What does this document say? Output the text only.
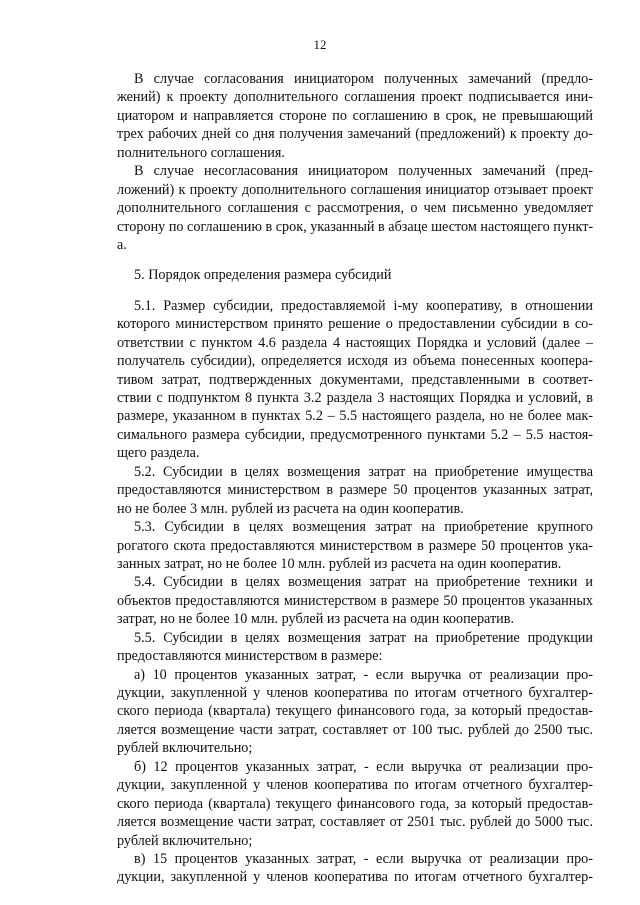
12
В случае согласования инициатором полученных замечаний (предло-
жений) к проекту дополнительного соглашения проект подписывается ини-
циатором и направляется стороне по соглашению в срок, не превышающий
трех рабочих дней со дня получения замечаний (предложений) к проекту до-
полнительного соглашения.
В случае несогласования инициатором полученных замечаний (пред-
ложений) к проекту дополнительного соглашения инициатор отзывает проект
дополнительного соглашения с рассмотрения, о чем письменно уведомляет
сторону по соглашению в срок, указанный в абзаце шестом настоящего пункт-
а.
5. Порядок определения размера субсидий
5.1. Размер субсидии, предоставляемой i-му кооперативу, в отношении
которого министерством принято решение о предоставлении субсидии в со-
ответствии с пунктом 4.6 раздела 4 настоящих Порядка и условий (далее –
получатель субсидии), определяется исходя из объема понесенных коопера-
тивом затрат, подтвержденных документами, представленными в соответ-
ствии с подпунктом 8 пункта 3.2 раздела 3 настоящих Порядка и условий, в
размере, указанном в пунктах 5.2 – 5.5 настоящего раздела, но не более мак-
симального размера субсидии, предусмотренного пунктами 5.2 – 5.5 настоя-
щего раздела.
5.2. Субсидии в целях возмещения затрат на приобретение имущества
предоставляются министерством в размере 50 процентов указанных затрат,
но не более 3 млн. рублей из расчета на один кооператив.
5.3. Субсидии в целях возмещения затрат на приобретение крупного
рогатого скота предоставляются министерством в размере 50 процентов ука-
занных затрат, но не более 10 млн. рублей из расчета на один кооператив.
5.4. Субсидии в целях возмещения затрат на приобретение техники и
объектов предоставляются министерством в размере 50 процентов указанных
затрат, но не более 10 млн. рублей из расчета на один кооператив.
5.5. Субсидии в целях возмещения затрат на приобретение продукции
предоставляются министерством в размере:
а) 10 процентов указанных затрат, - если выручка от реализации про-
дукции, закупленной у членов кооператива по итогам отчетного бухгалтер-
ского периода (квартала) текущего финансового года, за который предостав-
ляется возмещение части затрат, составляет от 100 тыс. рублей до 2500 тыс.
рублей включительно;
б) 12 процентов указанных затрат, - если выручка от реализации про-
дукции, закупленной у членов кооператива по итогам отчетного бухгалтер-
ского периода (квартала) текущего финансового года, за который предостав-
ляется возмещение части затрат, составляет от 2501 тыс. рублей до 5000 тыс.
рублей включительно;
в) 15 процентов указанных затрат, - если выручка от реализации про-
дукции, закупленной у членов кооператива по итогам отчетного бухгалтер-
